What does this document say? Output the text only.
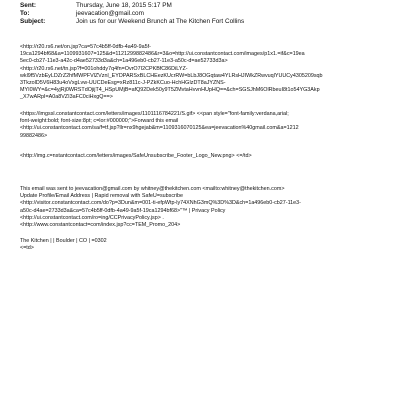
Sent:	Thursday, June 18, 2015 5:17 PM
To:	jeevacation@gmail.com
Subject:	Join us for our Weekend Brunch at The Kitchen Fort Collins
<http://r20.rs6.net/on.jsp?ca=57c4b5ff-0dfb-4a49-9a5f-
19ca1294bf68&a=1109931607=125&d=1121299882486&r=3&o=http://ui.constantcontact.com/images/p1x1.=if&c=19ea
5ec0-cb27-11e3-a42c-d4ae52733d3a&ch=1a496eb0-cb27-11e3-a50c-d=ae52733d3a>
<http://r20.rs6.net/tn.jsp?f=001ohddy7q4fn=OvrO7I2CPKBfC86DiLYZ-
wkl9f5VzbEyLDZrZ2hfMWPFVlZVznl_EYDPARSxBLCHEezKUcrRW=bLbJ8OGqtaw4YLRsHJIWkZRwvuqlYUUCy4305209sqb
3TkzolD5V6H83u4oVxgLvw-UUCDeEsg=xRz811c-J-PZkKCuo-HchHGIzDT8aJYZNS-
MYI0WY=&c=4yjRj0WRSTdOjijT4_HSpUMjB=afQ92Dek50y9T5ZMvtaHvvnHUpHQ==&ch=SGSJhM6OlRbeuI8t1o54YG3Akp
_X7wARpI=A0a8VZI3aFC0ciHxgQ==>
<https://imgssl.constantcontact.com/letters/images/1101116784221/S.gif> <<pan style="font-family:verdana,arial;
font-weight:bold; font-size:8pt; c=lor:#000000;">Forward this email
<http://ui.constantcontact.com/sa/f=tf.jsp?llr=nx9hgejab&m=1109316070125&ea=jeevacation%40gmail.com&a=1212
99882486>
<http://img.c=nstantcontact.com/letters/images/SafeUnsubscribe_Footer_Logo_New.png> <=/td>
This email was sent to jeevacation@gmail.com by whitney@thekitchen.com <mailto:whitney@thekitchen.com>
Update Profile/Email Address | Rapid removal with SafeU=subscribe
<http://visitor.constantcontact.com/do?p=3Dun&m=001-ti-efpWtp-ly74XNhG3mQ%3D%3D&ch=1a496eb0-cb27-11e3-
a50c-d4ae=2733d3a&ca=57c4b5ff-0dfb-4a49-9a5f-19ca1294bf68>"™ | Privacy Policy
<http://ui.constantcontact.com/ro=ing/CCPrivacyPolicy.jsp> .
<http://www.constantcontact=com/index.jsp?cc=TEM_Promo_204>
The Kitchen | | Boulder | CO | =0302
<=td>
